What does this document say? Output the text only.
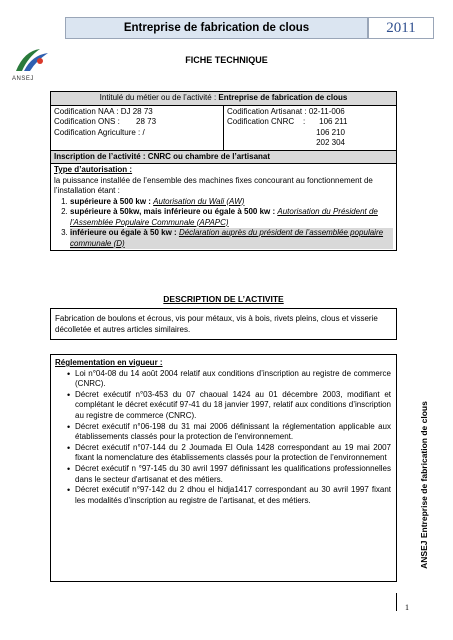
Entreprise de fabrication de clous	2011
ANSEJ
FICHE TECHNIQUE
Intitulé du métier ou de l’activité : Entreprise de fabrication de clous

Codification NAA : DJ 28 73
Codification ONS : 28 73
Codification Agriculture : /

Codification Artisanat : 02-11-006
Codification CNRC    : 106 211
106 210
202 304

Inscription de l’activité : CNRC ou chambre de l’artisanat

Type d’autorisation :
la puissance installée de l’ensemble des machines fixes concourant au fonctionnement de l’installation étant :
1. supérieure à 500 kw : Autorisation du Wali (AW)
2. supérieure à 50kw, mais inférieure ou égale à 500 kw : Autorisation du Président de l’Assemblée Populaire Communale (APAPC)
3. inférieure ou égale à 50 kw : Déclaration auprès du président de l’assemblée populaire communale (D)
DESCRIPTION DE L’ACTIVITE
Fabrication de boulons et écrous, vis pour métaux, vis à bois, rivets pleins, clous et visserie décolletée et autres articles similaires.
Réglementation en vigueur :
• Loi n°04-08 du 14 août 2004 relatif aux conditions d’inscription au registre de commerce (CNRC).
• Décret exécutif n°03-453 du 07 chaoual 1424 au 01 décembre 2003, modifiant et complétant le décret exécutif 97-41 du 18 janvier 1997, relatif aux conditions d’inscription au registre de commerce (CNRC).
• Décret exécutif n°06-198 du 31 mai 2006 définissant la réglementation applicable aux établissements classés pour la protection de l'environnement.
• Décret exécutif n°07-144 du 2 Joumada El Oula 1428 correspondant au 19 mai 2007 fixant la nomenclature des établissements classés pour la protection de l’environnement
• Décret exécutif n °97-145 du 30 avril 1997 définissant les qualifications professionnelles dans le secteur d'artisanat et des métiers.
• Décret exécutif n°97-142 du 2 dhou el hidja1417 correspondant au 30 avril 1997 fixant les modalités d’inscription au registre de l’artisanat, et des métiers.	ANSEJ Entreprise de fabrication de clous
1
